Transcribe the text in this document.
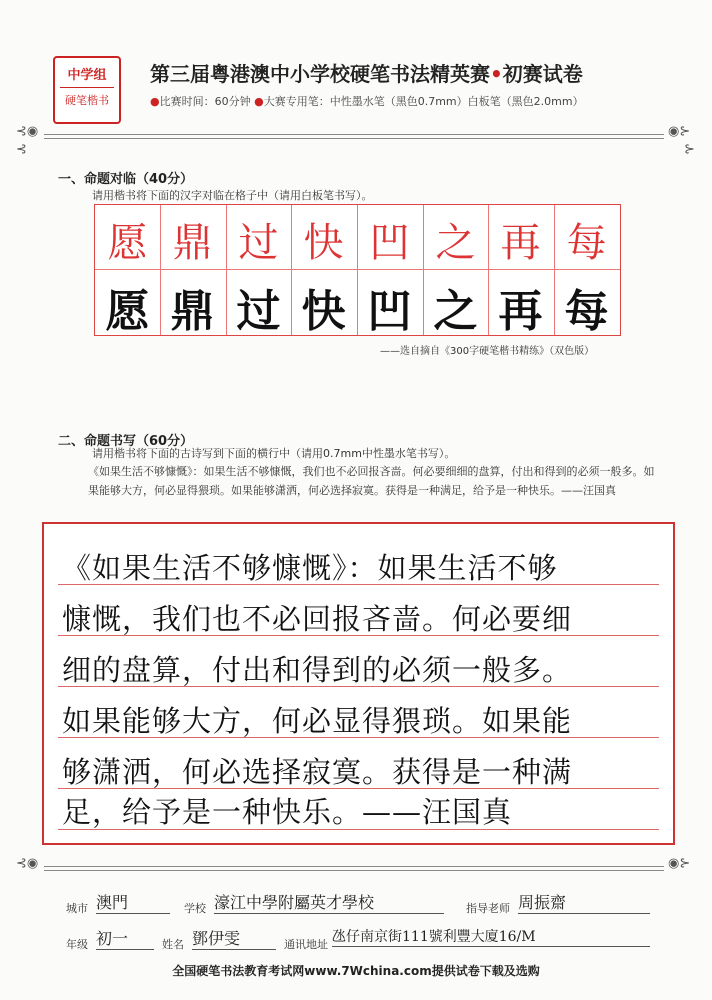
中学组
硬笔楷书
第三届粤港澳中小学校硬笔书法精英赛•初赛试卷
●比赛时间：60分钟 ●大赛专用笔：中性墨水笔（黑色0.7mm）白板笔（黑色2.0mm）
⊰◉	◉⊱
⊰	⊱
一、命题对临（40分）
请用楷书将下面的汉字对临在格子中（请用白板笔书写）。
愿 鼎 过 快 凹 之 再 每
愿 鼎 过 快 凹 之 再 每
——选自摘自《300字硬笔楷书精练》（双色版）
二、命题书写（60分）
请用楷书将下面的古诗写到下面的横行中（请用0.7mm中性墨水笔书写）。
《如果生活不够慷慨》：如果生活不够慷慨，我们也不必回报吝啬。何必要细细的盘算，付出和得到的必须一般多。如果能够大方，何必显得猥琐。如果能够潇洒，何必选择寂寞。获得是一种满足，给予是一种快乐。——汪国真
《如果生活不够慷慨》：如果生活不够
慷慨，我们也不必回报吝啬。何必要细
细的盘算，付出和得到的必须一般多。
如果能够大方，何必显得猥琐。如果能
够潇洒，何必选择寂寞。获得是一种满
足，给予是一种快乐。——汪国真
⊰◉	◉⊱
城市 澳門	学校 濠江中學附屬英才學校	指导老师 周振齋
年级 初一	姓名 鄧伊雯	通讯地址 氹仔南京街111號利豐大廈16/M
全国硬笔书法教育考试网www.7Wchina.com提供试卷下载及选购
